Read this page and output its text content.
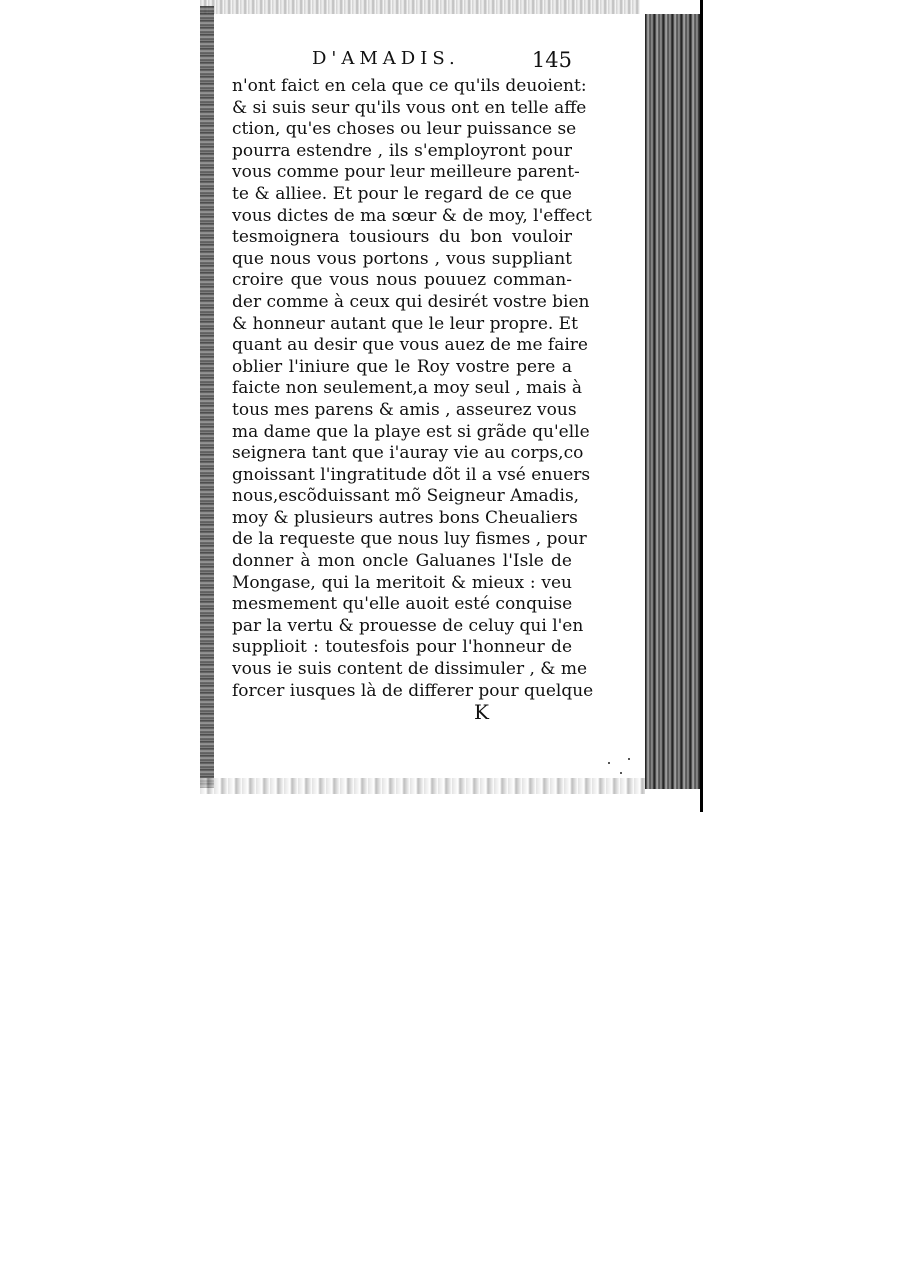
D'AMADIS.	145
n'ont faict en cela que ce qu'ils deuoient:
& si suis seur qu'ils vous ont en telle affe
ction, qu'es choses ou leur puissance se
pourra estendre , ils s'employront pour
vous comme pour leur meilleure parent-
te & alliee. Et pour le regard de ce que
vous dictes de ma sœur & de moy, l'effect
tesmoignera tousiours du bon vouloir
que nous vous portons , vous suppliant
croire que vous nous pouuez comman-
der comme à ceux qui desirét vostre bien
& honneur autant que le leur propre. Et
quant au desir que vous auez de me faire
oblier l'iniure que le Roy vostre pere a
faicte non seulement,a moy seul , mais à
tous mes parens & amis , asseurez vous
ma dame que la playe est si grãde qu'elle
seignera tant que i'auray vie au corps,co
gnoissant l'ingratitude dõt il a vsé enuers
nous,escõduissant mõ Seigneur Amadis,
moy & plusieurs autres bons Cheualiers
de la requeste que nous luy fismes , pour
donner à mon oncle Galuanes l'Isle de
Mongase, qui la meritoit & mieux : veu
mesmement qu'elle auoit esté conquise
par la vertu & prouesse de celuy qui l'en
supplioit : toutesfois pour l'honneur de
vous ie suis content de dissimuler , & me
forcer iusques là de differer pour quelque
K
